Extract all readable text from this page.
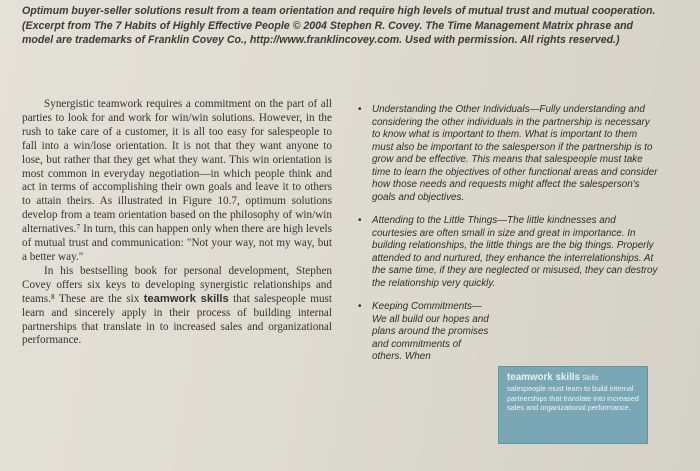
Optimum buyer-seller solutions result from a team orientation and require high levels of mutual trust and mutual cooperation. (Excerpt from The 7 Habits of Highly Effective People © 2004 Stephen R. Covey. The Time Management Matrix phrase and model are trademarks of Franklin Covey Co., http://www.franklincovey.com. Used with permission. All rights reserved.)

Synergistic teamwork requires a commitment on the part of all parties to look for and work for win/win solutions. However, in the rush to take care of a customer, it is all too easy for salespeople to fall into a win/lose orientation. It is not that they want anyone to lose, but rather that they get what they want. This win orientation is most common in everyday negotiation—in which people think and act in terms of accomplishing their own goals and leave it to others to attain theirs. As illustrated in Figure 10.7, optimum solutions develop from a team orientation based on the philosophy of win/win alternatives.⁷ In turn, this can happen only when there are high levels of mutual trust and communication: "Not your way, not my way, but a better way."

In his bestselling book for personal development, Stephen Covey offers six keys to developing synergistic relationships and teams.⁸ These are the six teamwork skills that salespeople must learn and sincerely apply in their process of building internal partnerships that translate in to increased sales and organizational performance.

• Understanding the Other Individuals—Fully understanding and considering the other individuals in the partnership is necessary to know what is important to them. What is important to them must also be important to the salesperson if the partnership is to grow and be effective. This means that salespeople must take time to learn the objectives of other functional areas and consider how those needs and requests might affect the salesperson's goals and objectives.
• Attending to the Little Things—The little kindnesses and courtesies are often small in size and great in importance. In building relationships, the little things are the big things. Properly attended to and nurtured, they enhance the interrelationships. At the same time, if they are neglected or misused, they can destroy the relationship very quickly.
• Keeping Commitments—We all build our hopes and plans around the promises and commitments of others. When
teamwork skills Skills
salespeople must learn to build internal partnerships that translate into increased sales and organizational performance.
